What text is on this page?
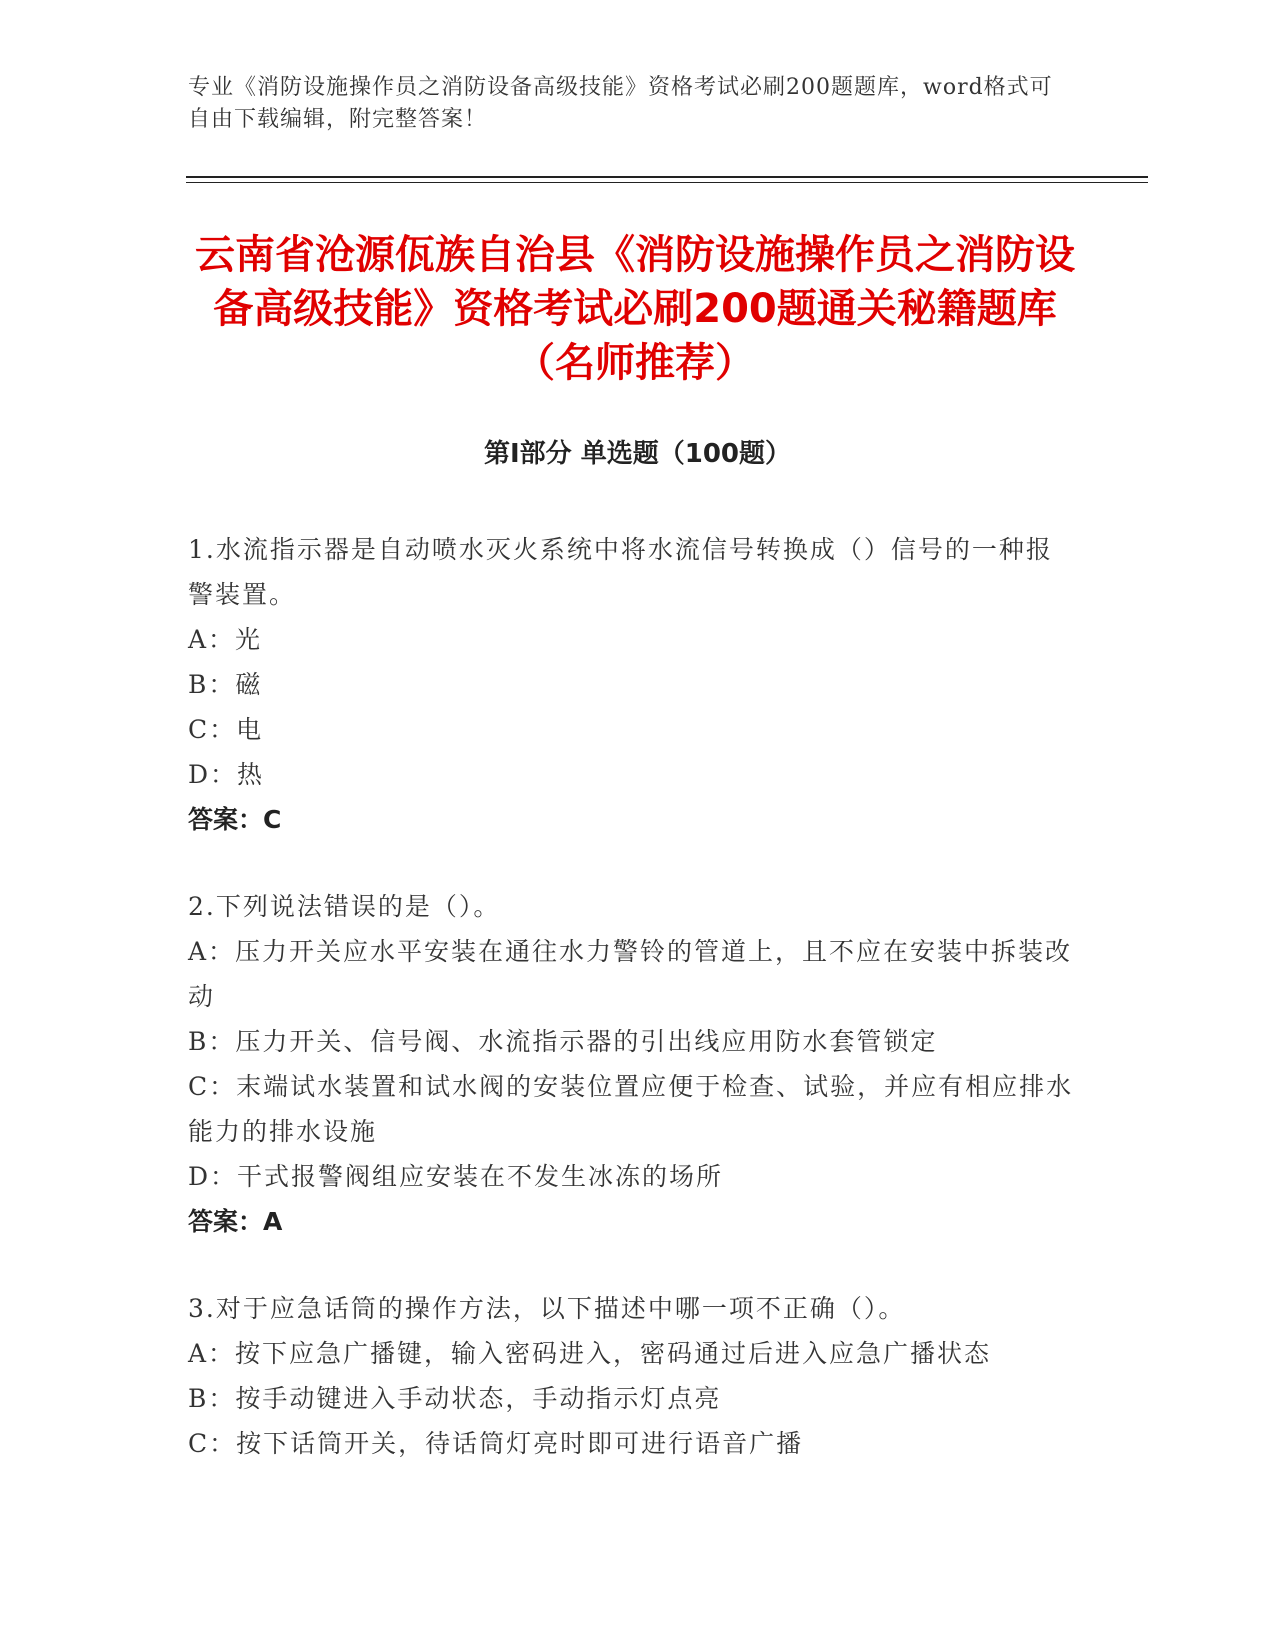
专业《消防设施操作员之消防设备高级技能》资格考试必刷200题题库，word格式可自由下载编辑，附完整答案！
云南省沧源佤族自治县《消防设施操作员之消防设备高级技能》资格考试必刷200题通关秘籍题库（名师推荐）
第Ⅰ部分 单选题（100题）
1.水流指示器是自动喷水灭火系统中将水流信号转换成（）信号的一种报警装置。
A：光
B：磁
C：电
D：热
答案：C
2.下列说法错误的是（）。
A：压力开关应水平安装在通往水力警铃的管道上，且不应在安装中拆装改动
B：压力开关、信号阀、水流指示器的引出线应用防水套管锁定
C：末端试水装置和试水阀的安装位置应便于检查、试验，并应有相应排水能力的排水设施
D：干式报警阀组应安装在不发生冰冻的场所
答案：A
3.对于应急话筒的操作方法，以下描述中哪一项不正确（）。
A：按下应急广播键，输入密码进入，密码通过后进入应急广播状态
B：按手动键进入手动状态，手动指示灯点亮
C：按下话筒开关，待话筒灯亮时即可进行语音广播
